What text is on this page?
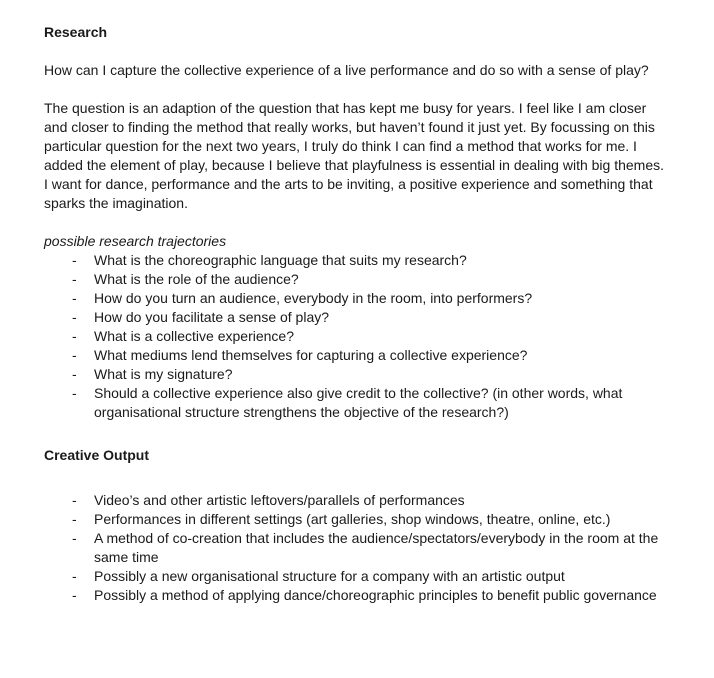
Research

How can I capture the collective experience of a live performance and do so with a sense of play?

The question is an adaption of the question that has kept me busy for years. I feel like I am closer and closer to finding the method that really works, but haven’t found it just yet. By focussing on this particular question for the next two years, I truly do think I can find a method that works for me. I added the element of play, because I believe that playfulness is essential in dealing with big themes. I want for dance, performance and the arts to be inviting, a positive experience and something that sparks the imagination.

possible research trajectories

-	What is the choreographic language that suits my research?
-	What is the role of the audience?
-	How do you turn an audience, everybody in the room, into performers?
-	How do you facilitate a sense of play?
-	What is a collective experience?
-	What mediums lend themselves for capturing a collective experience?
-	What is my signature?
-	Should a collective experience also give credit to the collective? (in other words, what organisational structure strengthens the objective of the research?)
Creative Output
-	Video’s and other artistic leftovers/parallels of performances
-	Performances in different settings (art galleries, shop windows, theatre, online, etc.)
-	A method of co-creation that includes the audience/spectators/everybody in the room at the same time
-	Possibly a new organisational structure for a company with an artistic output
-	Possibly a method of applying dance/choreographic principles to benefit public governance
